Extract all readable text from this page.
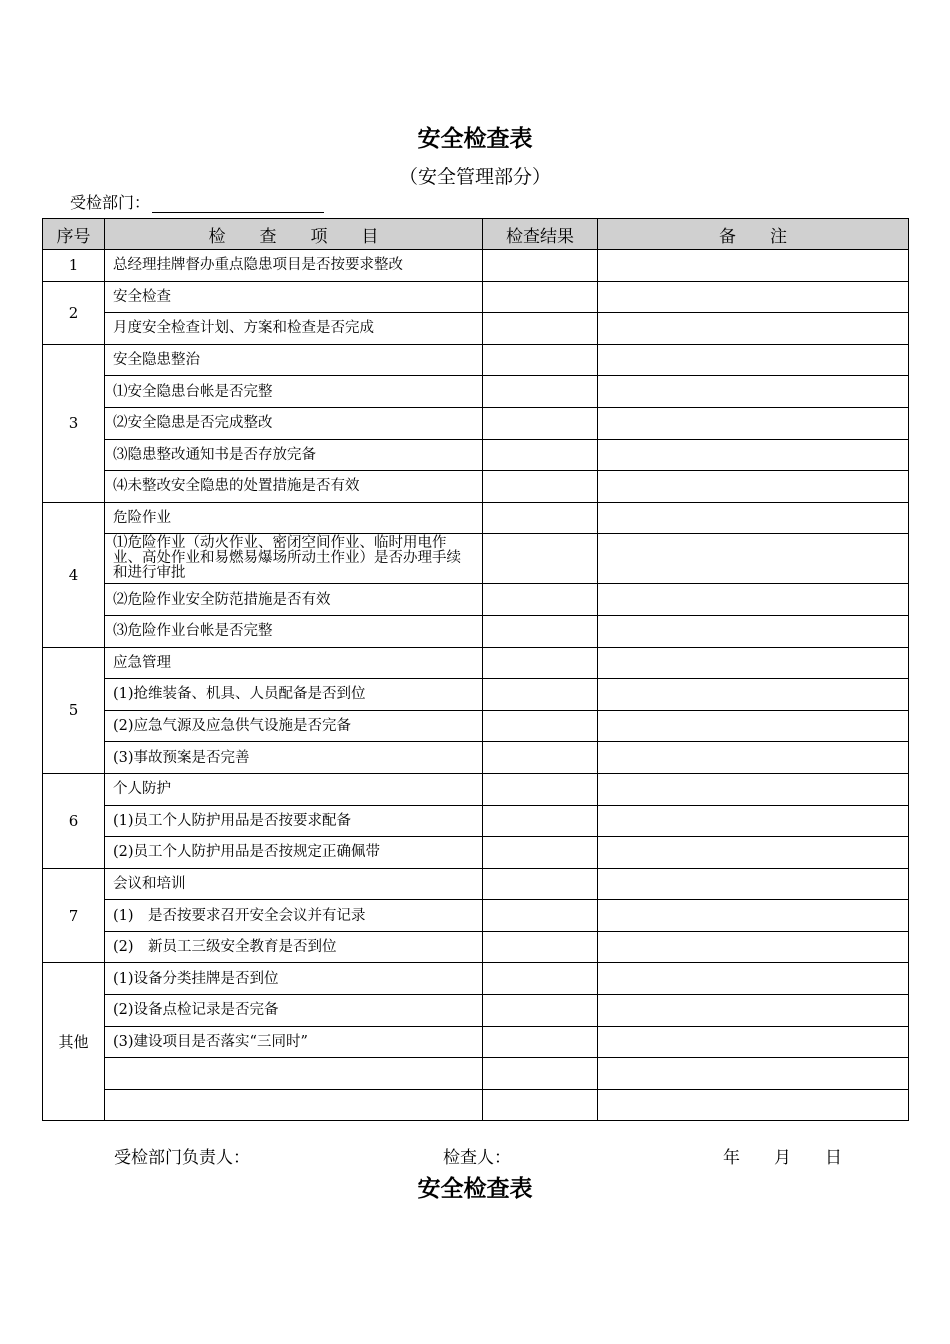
安全检查表
（安全管理部分）
受检部门：
序号	检　　查　　项　　目	检查结果	备　　注
1	总经理挂牌督办重点隐患项目是否按要求整改		
2	安全检查		
	月度安全检查计划、方案和检查是否完成		
3	安全隐患整治		
	⑴安全隐患台帐是否完整		
	⑵安全隐患是否完成整改		
	⑶隐患整改通知书是否存放完备		
	⑷未整改安全隐患的处置措施是否有效		
4	危险作业		
	⑴危险作业（动火作业、密闭空间作业、临时用电作业、高处作业和易燃易爆场所动土作业）是否办理手续和进行审批		
	⑵危险作业安全防范措施是否有效		
	⑶危险作业台帐是否完整		
5	应急管理		
	(1)抢维装备、机具、人员配备是否到位		
	(2)应急气源及应急供气设施是否完备		
	(3)事故预案是否完善		
6	个人防护		
	(1)员工个人防护用品是否按要求配备		
	(2)员工个人防护用品是否按规定正确佩带		
7	会议和培训		
	(1)　是否按要求召开安全会议并有记录		
	(2)　新员工三级安全教育是否到位		
其他	(1)设备分类挂牌是否到位		
	(2)设备点检记录是否完备		
	(3)建设项目是否落实“三同时”		

受检部门负责人：	检查人：	年　　月　　日
安全检查表
